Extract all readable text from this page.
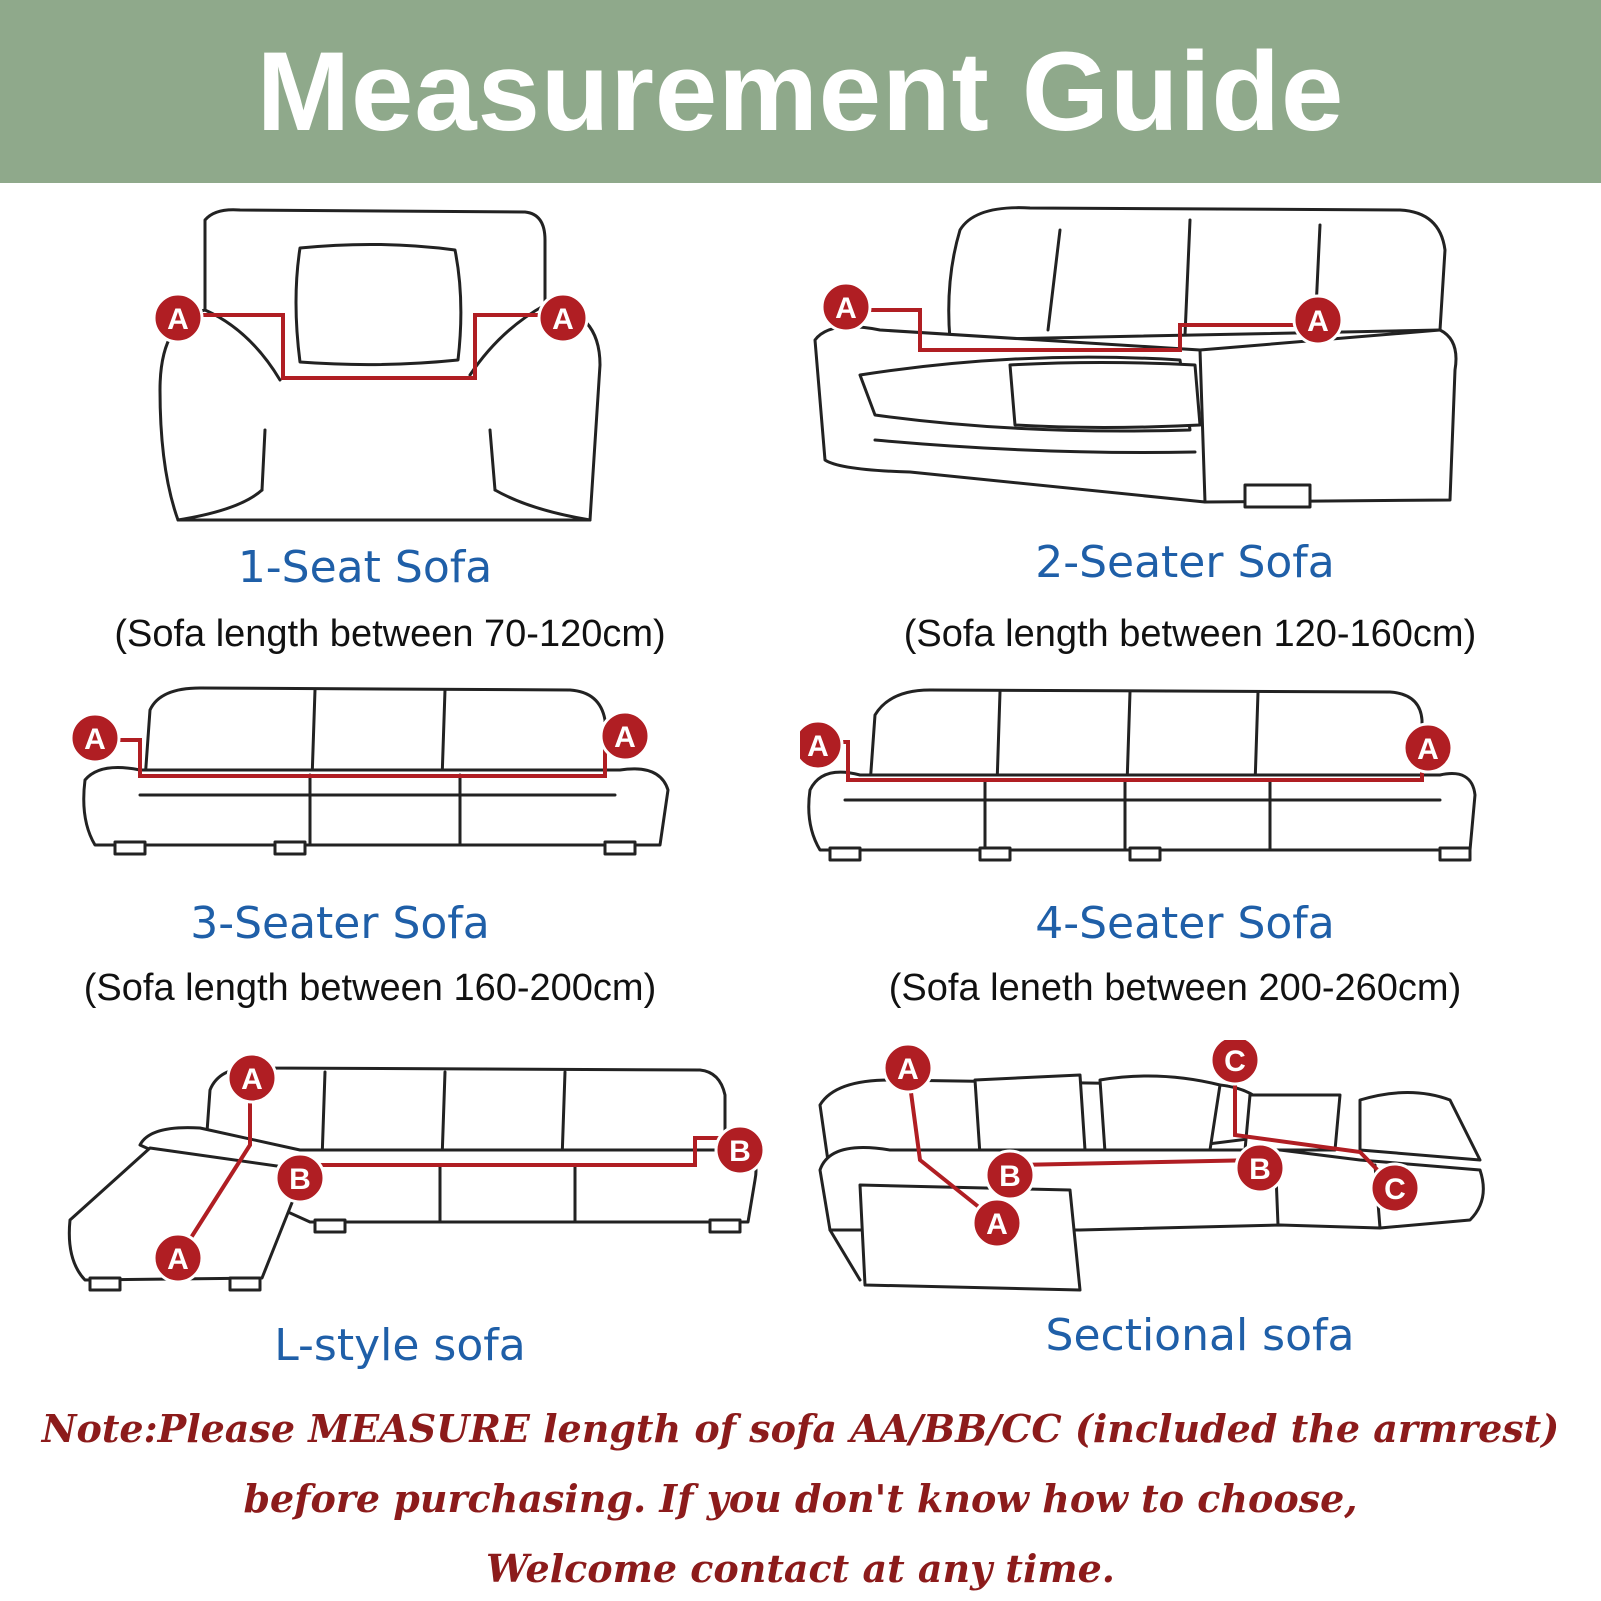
Measurement Guide
A	A
1-Seat Sofa
(Sofa length between 70-120cm)
A	A
2-Seater Sofa
(Sofa length between 120-160cm)
A	A
3-Seater Sofa
(Sofa length between 160-200cm)
A	A
4-Seater Sofa
(Sofa leneth between 200-260cm)
A
A
B
B
L-style sofa
A
A
B	B
C
C
Sectional sofa
Note:Please MEASURE length of sofa AA/BB/CC (included the armrest)
before purchasing. If you don't know how to choose,
Welcome contact at any time.
